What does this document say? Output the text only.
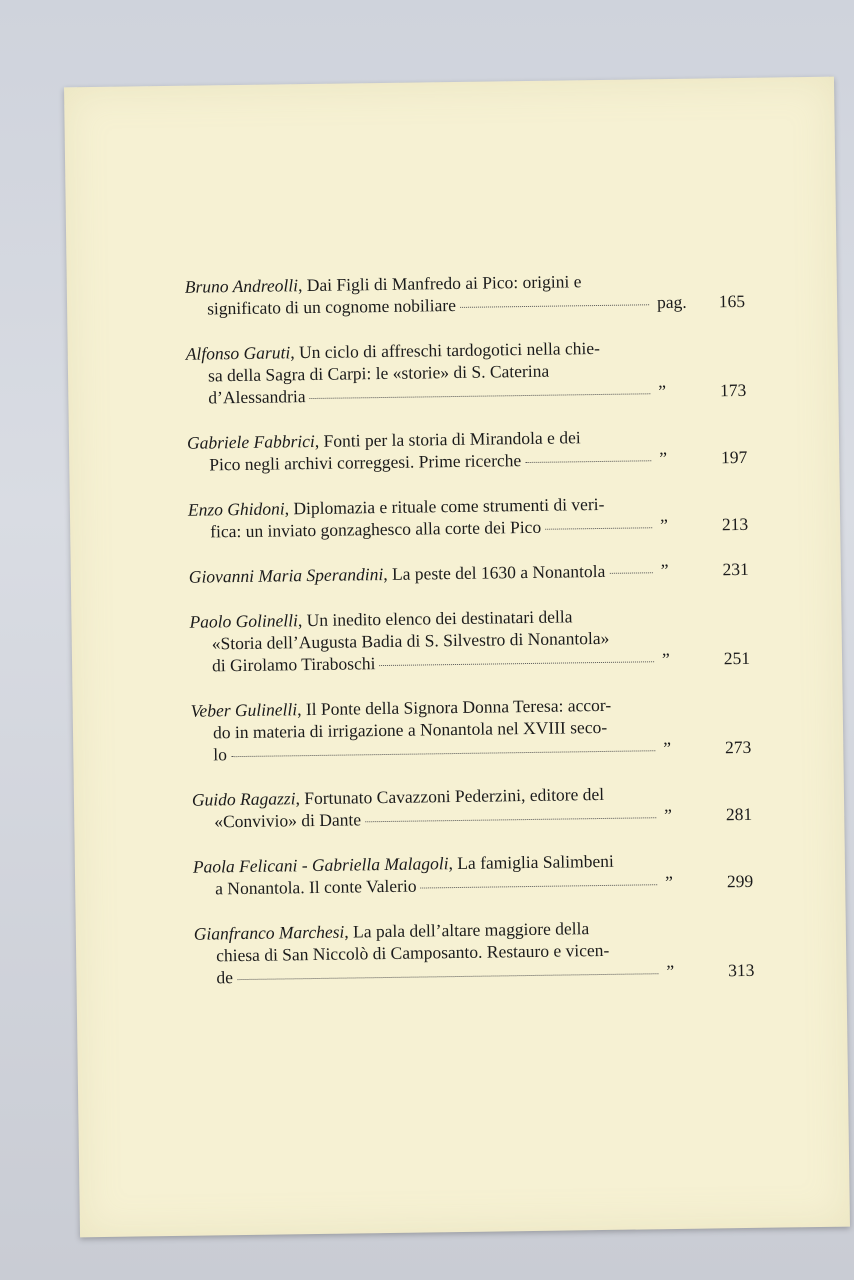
Bruno Andreolli, Dai Figli di Manfredo ai Pico: origini e
significato di un cognome nobiliare	pag.	165
Alfonso Garuti, Un ciclo di affreschi tardogotici nella chie-
sa della Sagra di Carpi: le «storie» di S. Caterina
d’Alessandria	”	173
Gabriele Fabbrici, Fonti per la storia di Mirandola e dei
Pico negli archivi correggesi. Prime ricerche	”	197
Enzo Ghidoni, Diplomazia e rituale come strumenti di veri-
fica: un inviato gonzaghesco alla corte dei Pico	”	213
Giovanni Maria Sperandini, La peste del 1630 a Nonantola	”	231
Paolo Golinelli, Un inedito elenco dei destinatari della
«Storia dell’Augusta Badia di S. Silvestro di Nonantola»
di Girolamo Tiraboschi	”	251
Veber Gulinelli, Il Ponte della Signora Donna Teresa: accor-
do in materia di irrigazione a Nonantola nel XVIII seco-
lo	”	273
Guido Ragazzi, Fortunato Cavazzoni Pederzini, editore del
«Convivio» di Dante	”	281
Paola Felicani - Gabriella Malagoli, La famiglia Salimbeni
a Nonantola. Il conte Valerio	”	299
Gianfranco Marchesi, La pala dell’altare maggiore della
chiesa di San Niccolò di Camposanto. Restauro e vicen-
de	”	313
